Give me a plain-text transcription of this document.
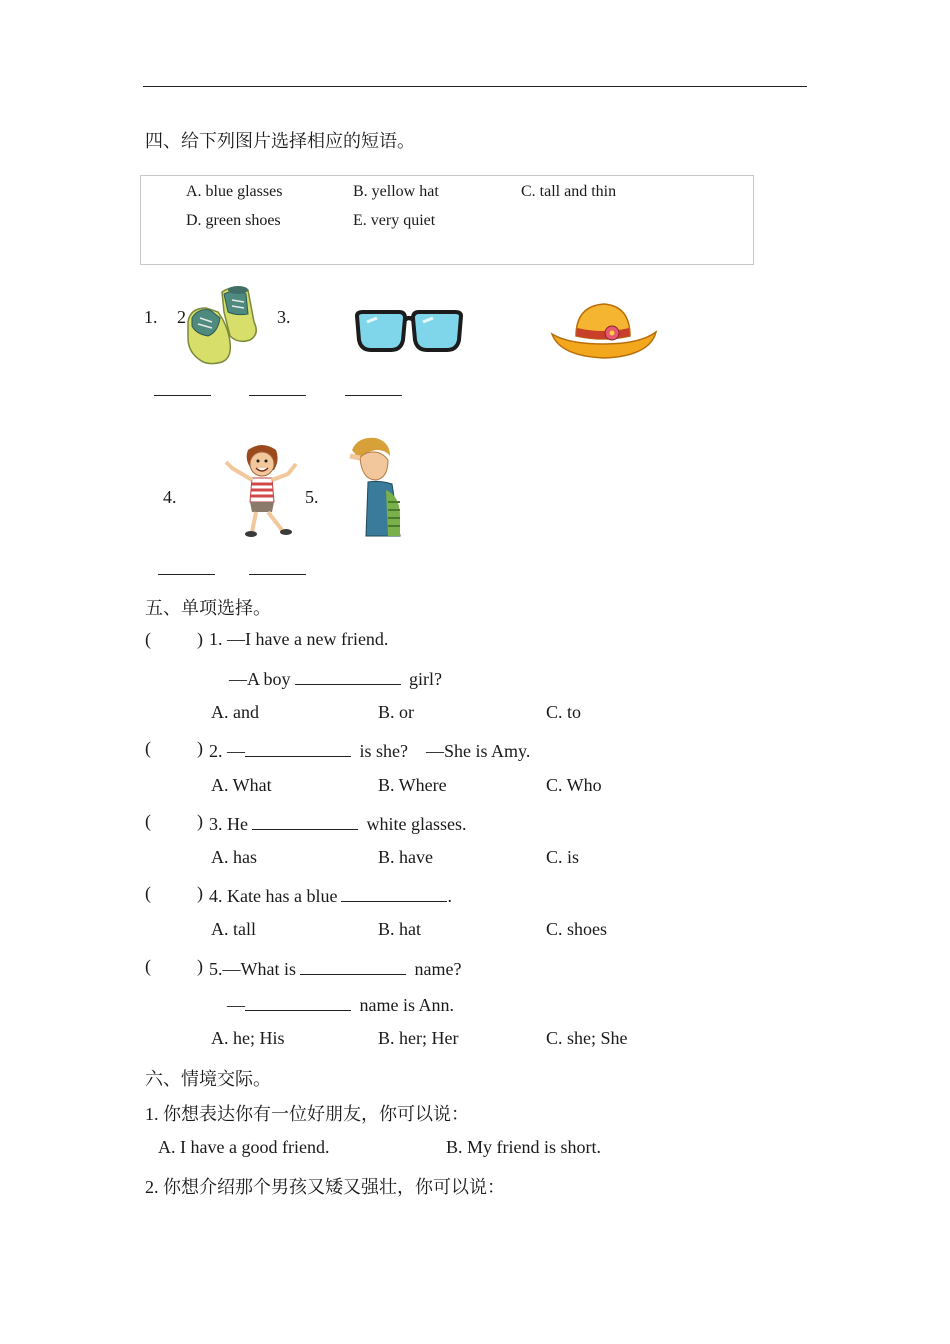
四、给下列图片选择相应的短语。
A. blue glasses	B. yellow hat	C. tall and thin
D. green shoes	E. very quiet
1. 2	3.
4.	5.
五、单项选择。
(	) 1. —I have a new friend.
—A boy	girl?
A. and	B. or	C. to
(	) 2. —	is she? —She is Amy.
A. What	B. Where	C. Who
(	) 3. He	white glasses.
A. has	B. have	C. is
(	) 4. Kate has a blue	.
A. tall	B. hat	C. shoes
(	) 5.—What is	name?
—	name is Ann.
A. he; His	B. her; Her	C. she; She
六、情境交际。
1. 你想表达你有一位好朋友，你可以说：
A. I have a good friend.	B. My friend is short.
2. 你想介绍那个男孩又矮又强壮，你可以说：
